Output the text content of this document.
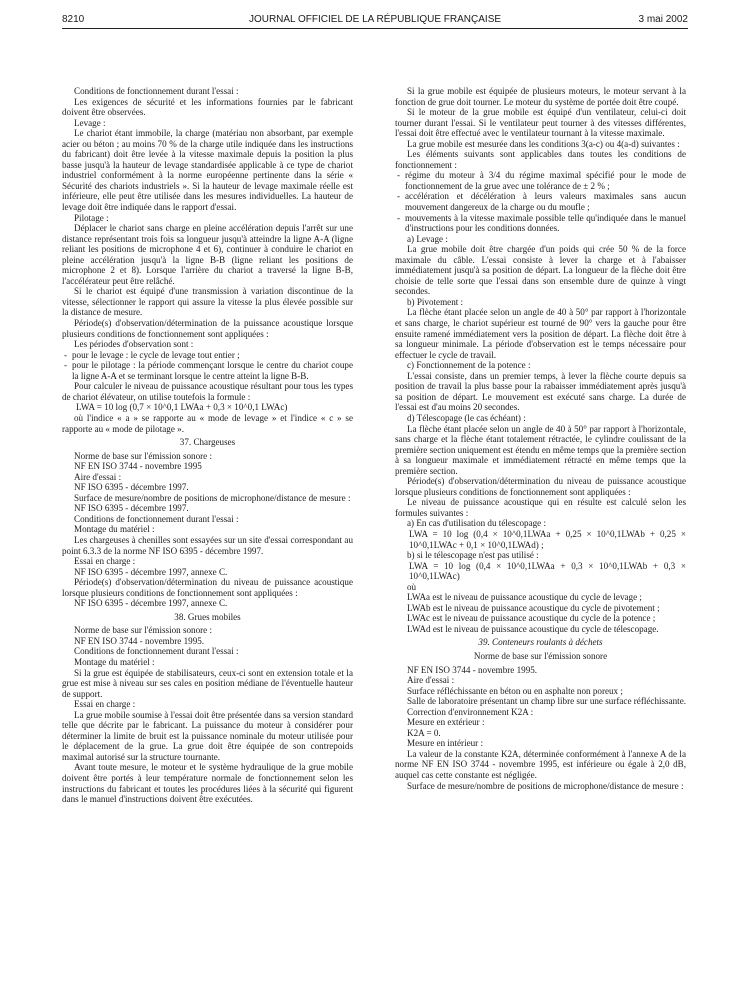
8210	JOURNAL OFFICIEL DE LA RÉPUBLIQUE FRANÇAISE	3 mai 2002

Conditions de fonctionnement durant l'essai :

Les exigences de sécurité et les informations fournies par le fabricant doivent être observées.

Levage :

Le chariot étant immobile, la charge (matériau non absorbant, par exemple acier ou béton ; au moins 70 % de la charge utile indiquée dans les instructions du fabricant) doit être levée à la vitesse maximale depuis la position la plus basse jusqu'à la hauteur de levage standardisée applicable à ce type de chariot industriel conformément à la norme européenne pertinente dans la série « Sécurité des chariots industriels ». Si la hauteur de levage maximale réelle est inférieure, elle peut être utilisée dans les mesures individuelles. La hauteur de levage doit être indiquée dans le rapport d'essai.

Pilotage :

Déplacer le chariot sans charge en pleine accélération depuis l'arrêt sur une distance représentant trois fois sa longueur jusqu'à atteindre la ligne A-A (ligne reliant les positions de microphone 4 et 6), continuer à conduire le chariot en pleine accélération jusqu'à la ligne B-B (ligne reliant les positions de microphone 2 et 8). Lorsque l'arrière du chariot a traversé la ligne B-B, l'accélérateur peut être relâché.

Si le chariot est équipé d'une transmission à variation discontinue de la vitesse, sélectionner le rapport qui assure la vitesse la plus élevée possible sur la distance de mesure.

Période(s) d'observation/détermination de la puissance acoustique lorsque plusieurs conditions de fonctionnement sont appliquées :

Les périodes d'observation sont :

- pour le levage : le cycle de levage tout entier ;

- pour le pilotage : la période commençant lorsque le centre du chariot coupe la ligne A-A et se terminant lorsque le centre atteint la ligne B-B.

Pour calculer le niveau de puissance acoustique résultant pour tous les types de chariot élévateur, on utilise toutefois la formule :

LWA = 10 log (0,7 × 10^0,1 LWAa + 0,3 × 10^0,1 LWAc)

où l'indice « a » se rapporte au « mode de levage » et l'indice « c » se rapporte au « mode de pilotage ».

37. Chargeuses

Norme de base sur l'émission sonore :

NF EN ISO 3744 - novembre 1995

Aire d'essai :

NF ISO 6395 - décembre 1997.

Surface de mesure/nombre de positions de microphone/distance de mesure :

NF ISO 6395 - décembre 1997.

Conditions de fonctionnement durant l'essai :

Montage du matériel :

Les chargeuses à chenilles sont essayées sur un site d'essai correspondant au point 6.3.3 de la norme NF ISO 6395 - décembre 1997.

Essai en charge :

NF ISO 6395 - décembre 1997, annexe C.

Période(s) d'observation/détermination du niveau de puissance acoustique lorsque plusieurs conditions de fonctionnement sont appliquées :

NF ISO 6395 - décembre 1997, annexe C.

38. Grues mobiles

Norme de base sur l'émission sonore :

NF EN ISO 3744 - novembre 1995.

Conditions de fonctionnement durant l'essai :

Montage du matériel :

Si la grue est équipée de stabilisateurs, ceux-ci sont en extension totale et la grue est mise à niveau sur ses cales en position médiane de l'éventuelle hauteur de support.

Essai en charge :

La grue mobile soumise à l'essai doit être présentée dans sa version standard telle que décrite par le fabricant. La puissance du moteur à considérer pour déterminer la limite de bruit est la puissance nominale du moteur utilisée pour le déplacement de la grue. La grue doit être équipée de son contrepoids maximal autorisé sur la structure tournante.

Avant toute mesure, le moteur et le système hydraulique de la grue mobile doivent être portés à leur température normale de fonctionnement selon les instructions du fabricant et toutes les procédures liées à la sécurité qui figurent dans le manuel d'instructions doivent être exécutées.

Si la grue mobile est équipée de plusieurs moteurs, le moteur servant à la fonction de grue doit tourner. Le moteur du système de portée doit être coupé.

Si le moteur de la grue mobile est équipé d'un ventilateur, celui-ci doit tourner durant l'essai. Si le ventilateur peut tourner à des vitesses différentes, l'essai doit être effectué avec le ventilateur tournant à la vitesse maximale.

La grue mobile est mesurée dans les conditions 3(a-c) ou 4(a-d) suivantes :

Les éléments suivants sont applicables dans toutes les conditions de fonctionnement :

- régime du moteur à 3/4 du régime maximal spécifié pour le mode de fonctionnement de la grue avec une tolérance de ± 2 % ;

- accélération et décélération à leurs valeurs maximales sans aucun mouvement dangereux de la charge ou du moufle ;

- mouvements à la vitesse maximale possible telle qu'indiquée dans le manuel d'instructions pour les conditions données.

a) Levage :

La grue mobile doit être chargée d'un poids qui crée 50 % de la force maximale du câble. L'essai consiste à lever la charge et à l'abaisser immédiatement jusqu'à sa position de départ. La longueur de la flèche doit être choisie de telle sorte que l'essai dans son ensemble dure de quinze à vingt secondes.

b) Pivotement :

La flèche étant placée selon un angle de 40 à 50° par rapport à l'horizontale et sans charge, le chariot supérieur est tourné de 90° vers la gauche pour être ensuite ramené immédiatement vers la position de départ. La flèche doit être à sa longueur minimale. La période d'observation est le temps nécessaire pour effectuer le cycle de travail.

c) Fonctionnement de la potence :

L'essai consiste, dans un premier temps, à lever la flèche courte depuis sa position de travail la plus basse pour la rabaisser immédiatement après jusqu'à sa position de départ. Le mouvement est exécuté sans charge. La durée de l'essai est d'au moins 20 secondes.

d) Télescopage (le cas échéant) :

La flèche étant placée selon un angle de 40 à 50° par rapport à l'horizontale, sans charge et la flèche étant totalement rétractée, le cylindre coulissant de la première section uniquement est étendu en même temps que la première section à sa longueur maximale et immédiatement rétracté en même temps que la première section.

Période(s) d'observation/détermination du niveau de puissance acoustique lorsque plusieurs conditions de fonctionnement sont appliquées :

Le niveau de puissance acoustique qui en résulte est calculé selon les formules suivantes :

a) En cas d'utilisation du télescopage :

LWA = 10 log (0,4 × 10^0,1LWAa + 0,25 × 10^0,1LWAb + 0,25 × 10^0,1LWAc + 0,1 × 10^0,1LWAd) ;

b) si le télescopage n'est pas utilisé :

LWA = 10 log (0,4 × 10^0,1LWAa + 0,3 × 10^0,1LWAb + 0,3 × 10^0,1LWAc)

où

LWAa est le niveau de puissance acoustique du cycle de levage ;

LWAb est le niveau de puissance acoustique du cycle de pivotement ;

LWAc est le niveau de puissance acoustique du cycle de la potence ;

LWAd est le niveau de puissance acoustique du cycle de télescopage.

39. Conteneurs roulants à déchets

Norme de base sur l'émission sonore

NF EN ISO 3744 - novembre 1995.

Aire d'essai :

Surface réfléchissante en béton ou en asphalte non poreux ;

Salle de laboratoire présentant un champ libre sur une surface réfléchissante.

Correction d'environnement K2A :

Mesure en extérieur :

K2A = 0.

Mesure en intérieur :

La valeur de la constante K2A, déterminée conformément à l'annexe A de la norme NF EN ISO 3744 - novembre 1995, est inférieure ou égale à 2,0 dB, auquel cas cette constante est négligée.

Surface de mesure/nombre de positions de microphone/distance de mesure :
